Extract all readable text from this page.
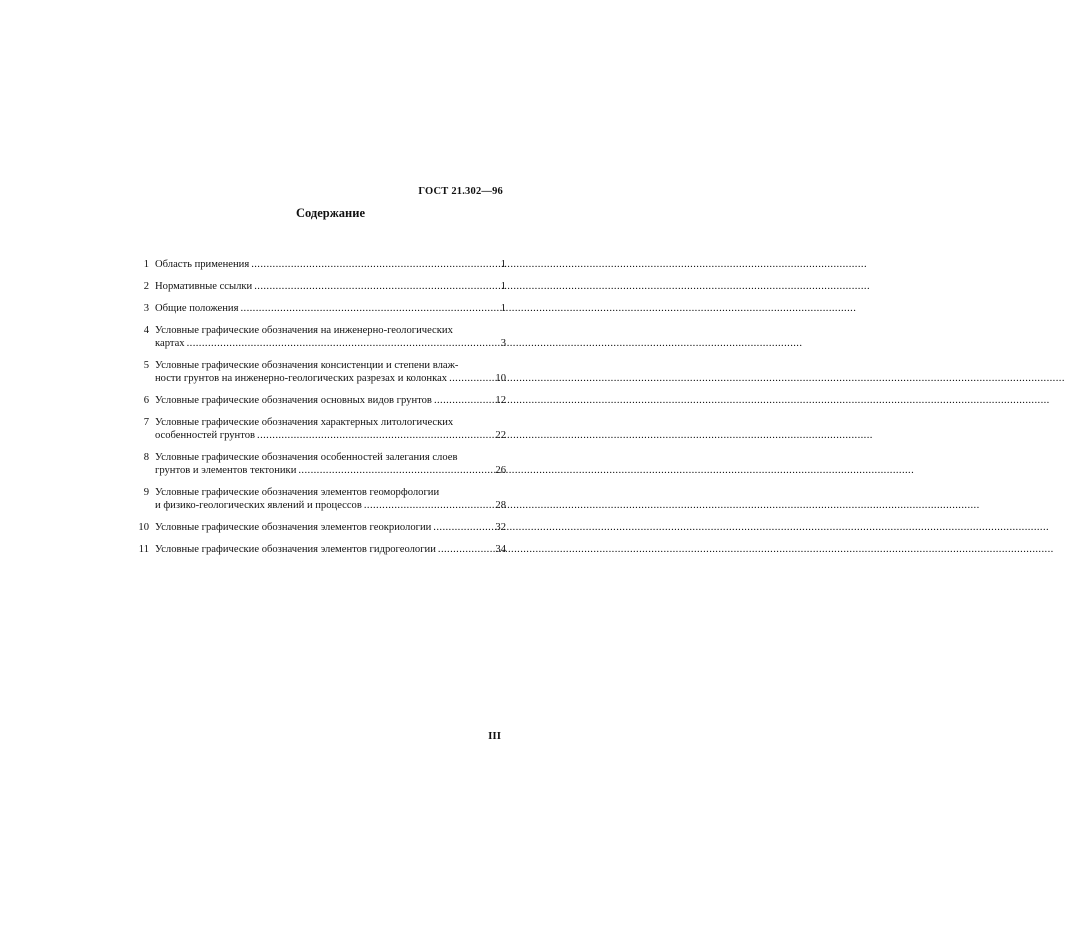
ГОСТ 21.302—96
Содержание
1 Область применения .....	1
2 Нормативные ссылки .....	1
3 Общие положения .....	1
4 Условные графические обозначения на инженерно-геологических
картах .....	3
5 Условные графические обозначения консистенции и степени влаж-
ности грунтов на инженерно-геологических разрезах и колонках .....	10
6 Условные графические обозначения основных видов грунтов .....	12
7 Условные графические обозначения характерных литологических
особенностей грунтов .....	22
8 Условные графические обозначения особенностей залегания слоев
грунтов и элементов тектоники .....	26
9 Условные графические обозначения элементов геоморфологии
и физико-геологических явлений и процессов .....	28
10 Условные графические обозначения элементов геокриологии .....	32
11 Условные графические обозначения элементов гидрогеологии .....	34
III
